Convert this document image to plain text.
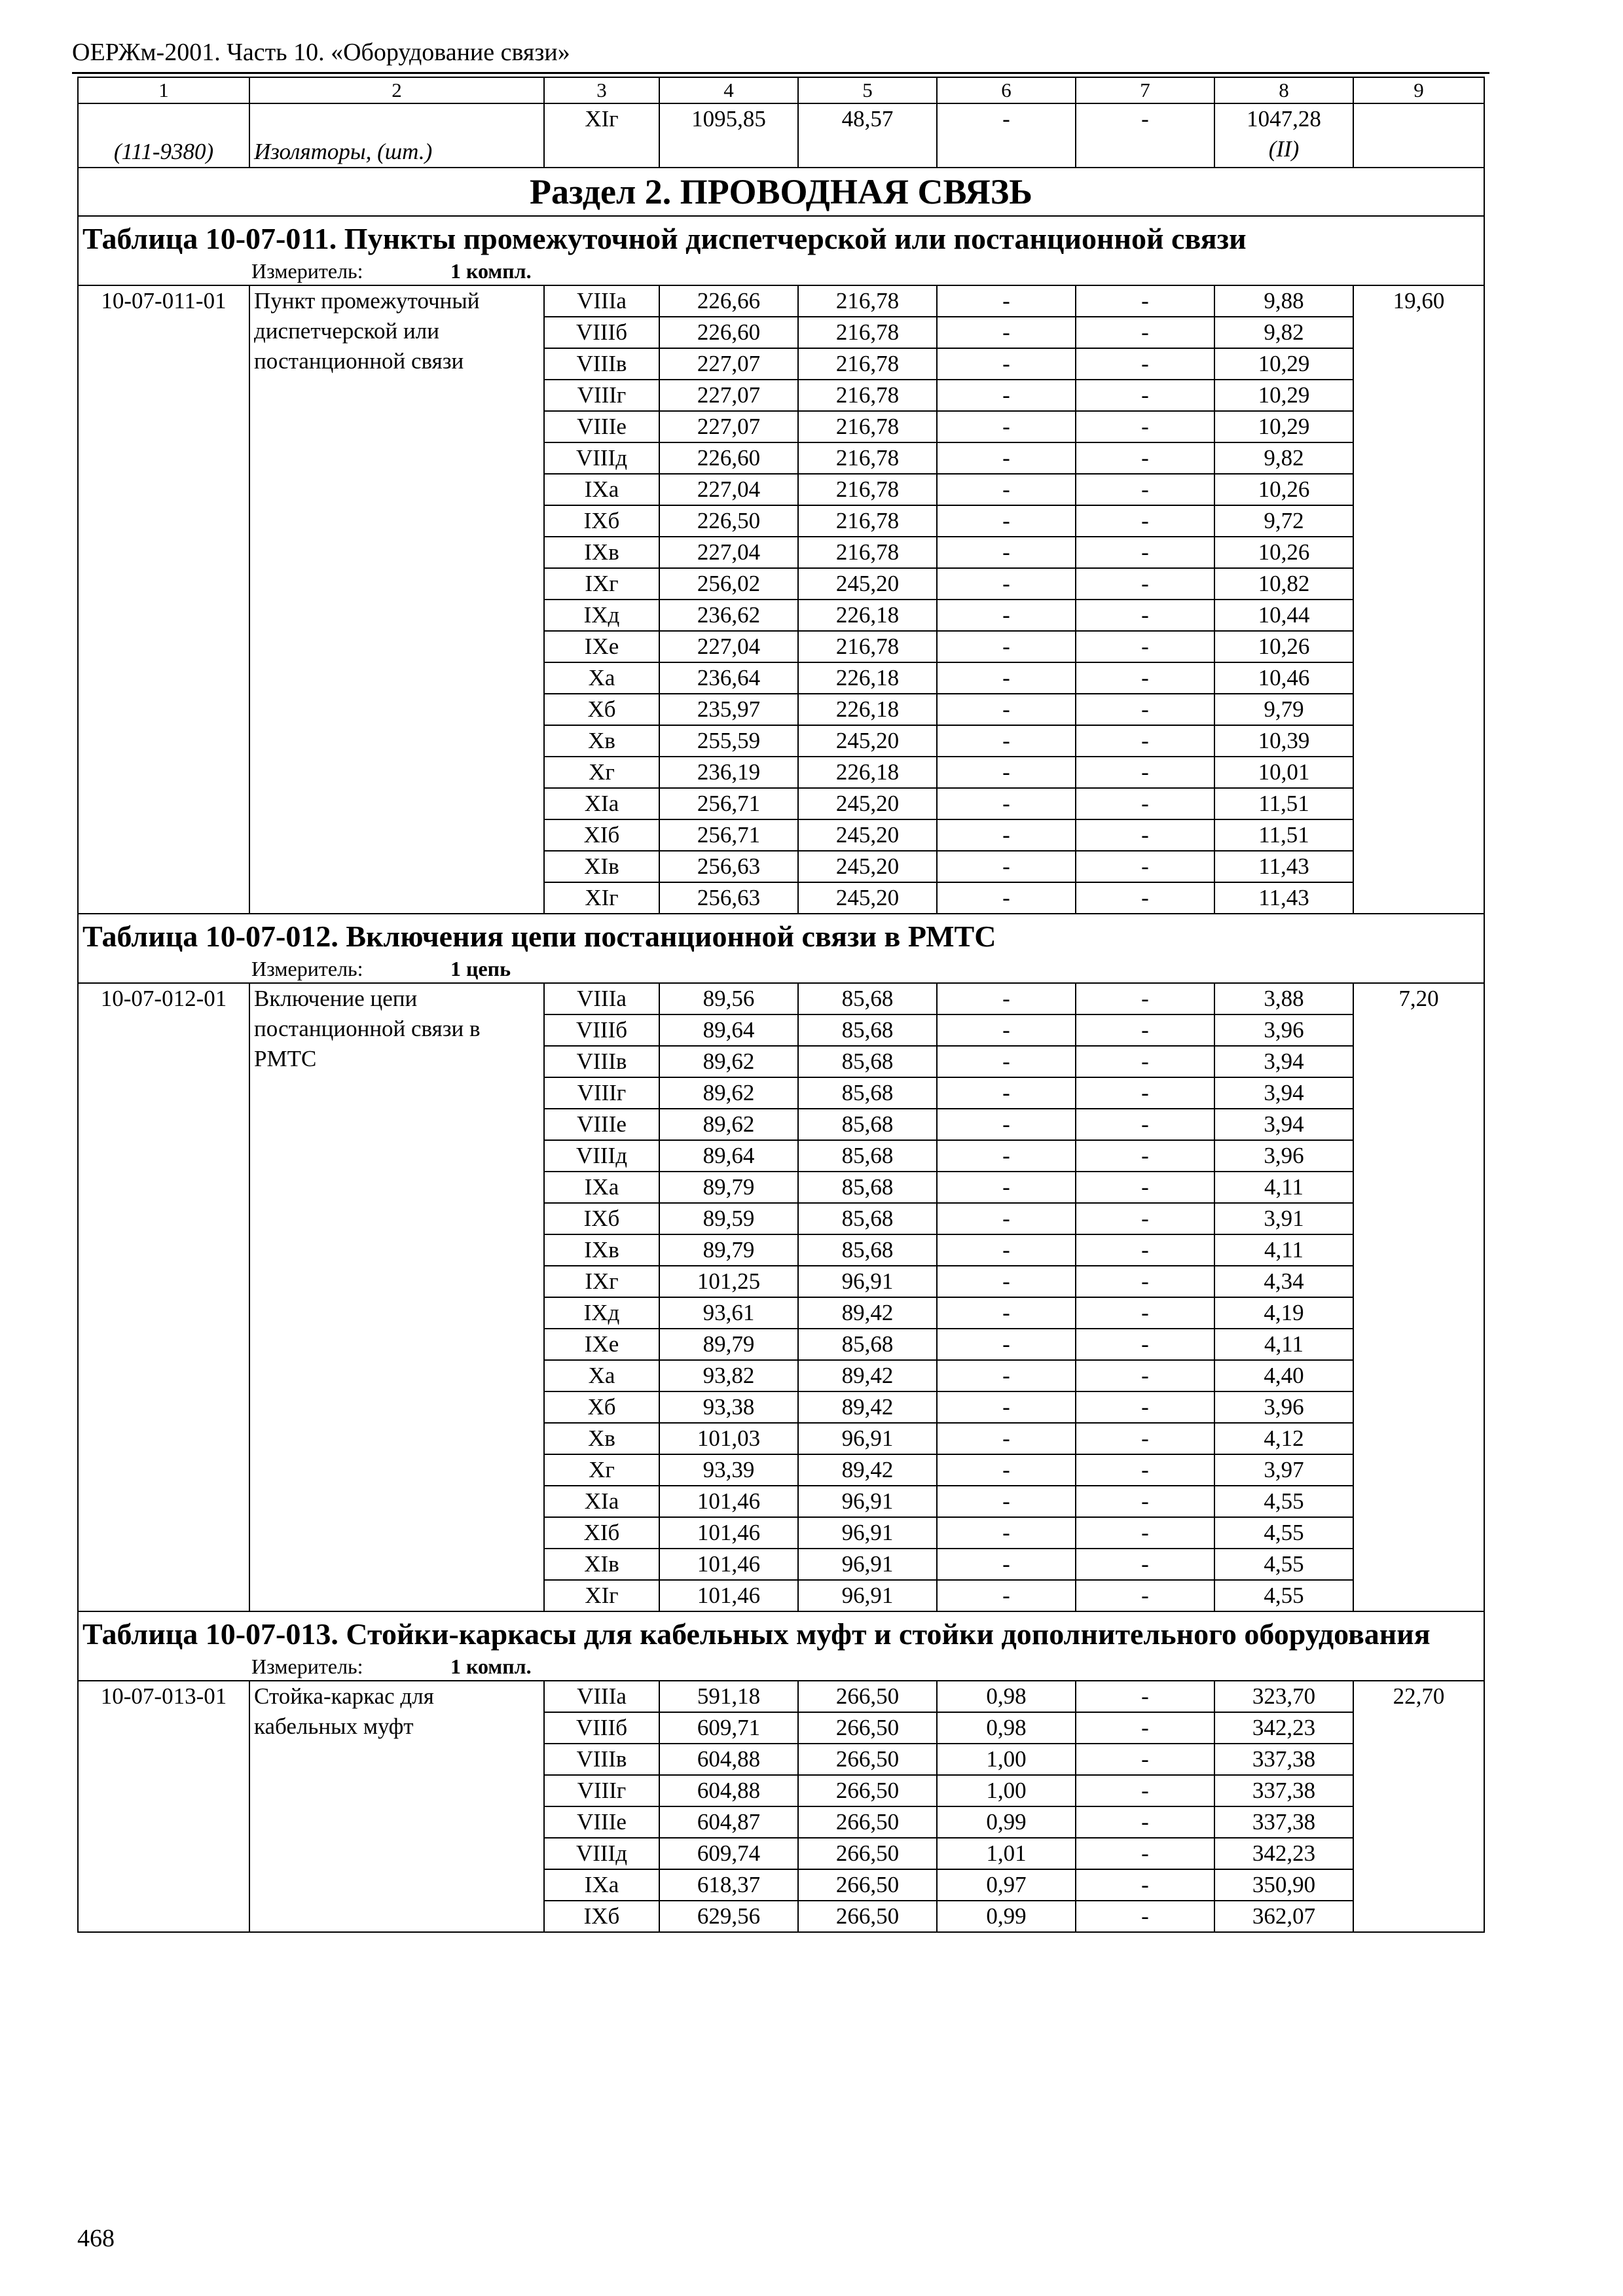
ОЕРЖм-2001. Часть 10. «Оборудование связи»
1	2	3	4	5	6	7	8	9
(111-9380)	Изоляторы, (шт.)	XIг	1095,85	48,57	-	-	1047,28
(II)	

Раздел 2. ПРОВОДНАЯ СВЯЗЬ								
Таблица 10-07-011. Пункты промежуточной диспетчерской или постанционной связи								
Измеритель: 1 компл.								
10-07-011-01	Пункт промежуточный диспетчерской или постанционной связи	VIIIа	226,66	216,78	-	-	9,88	19,60
		VIIIб	226,60	216,78	-	-	9,82	
		VIIIв	227,07	216,78	-	-	10,29	
		VIIIг	227,07	216,78	-	-	10,29	
		VIIIе	227,07	216,78	-	-	10,29	
		VIIIд	226,60	216,78	-	-	9,82	
		IXа	227,04	216,78	-	-	10,26	
		IXб	226,50	216,78	-	-	9,72	
		IXв	227,04	216,78	-	-	10,26	
		IXг	256,02	245,20	-	-	10,82	
		IXд	236,62	226,18	-	-	10,44	
		IXе	227,04	216,78	-	-	10,26	
		Xа	236,64	226,18	-	-	10,46	
		Xб	235,97	226,18	-	-	9,79	
		Xв	255,59	245,20	-	-	10,39	
		Xг	236,19	226,18	-	-	10,01	
		XIа	256,71	245,20	-	-	11,51	
		XIб	256,71	245,20	-	-	11,51	
		XIв	256,63	245,20	-	-	11,43	
		XIг	256,63	245,20	-	-	11,43	
Таблица 10-07-012. Включения цепи постанционной связи в РМТС								
Измеритель: 1 цепь								
10-07-012-01	Включение цепи постанционной связи в РМТС	VIIIа	89,56	85,68	-	-	3,88	7,20
		VIIIб	89,64	85,68	-	-	3,96	
		VIIIв	89,62	85,68	-	-	3,94	
		VIIIг	89,62	85,68	-	-	3,94	
		VIIIе	89,62	85,68	-	-	3,94	
		VIIIд	89,64	85,68	-	-	3,96	
		IXа	89,79	85,68	-	-	4,11	
		IXб	89,59	85,68	-	-	3,91	
		IXв	89,79	85,68	-	-	4,11	
		IXг	101,25	96,91	-	-	4,34	
		IXд	93,61	89,42	-	-	4,19	
		IXе	89,79	85,68	-	-	4,11	
		Xа	93,82	89,42	-	-	4,40	
		Xб	93,38	89,42	-	-	3,96	
		Xв	101,03	96,91	-	-	4,12	
		Xг	93,39	89,42	-	-	3,97	
		XIа	101,46	96,91	-	-	4,55	
		XIб	101,46	96,91	-	-	4,55	
		XIв	101,46	96,91	-	-	4,55	
		XIг	101,46	96,91	-	-	4,55	
Таблица 10-07-013. Стойки-каркасы для кабельных муфт и стойки дополнительного оборудования								
Измеритель: 1 компл.								
10-07-013-01	Стойка-каркас для кабельных муфт	VIIIа	591,18	266,50	0,98	-	323,70	22,70
		VIIIб	609,71	266,50	0,98	-	342,23	
		VIIIв	604,88	266,50	1,00	-	337,38	
		VIIIг	604,88	266,50	1,00	-	337,38	
		VIIIе	604,87	266,50	0,99	-	337,38	
		VIIIд	609,74	266,50	1,01	-	342,23	
		IXа	618,37	266,50	0,97	-	350,90	
		IXб	629,56	266,50	0,99	-	362,07	
468
